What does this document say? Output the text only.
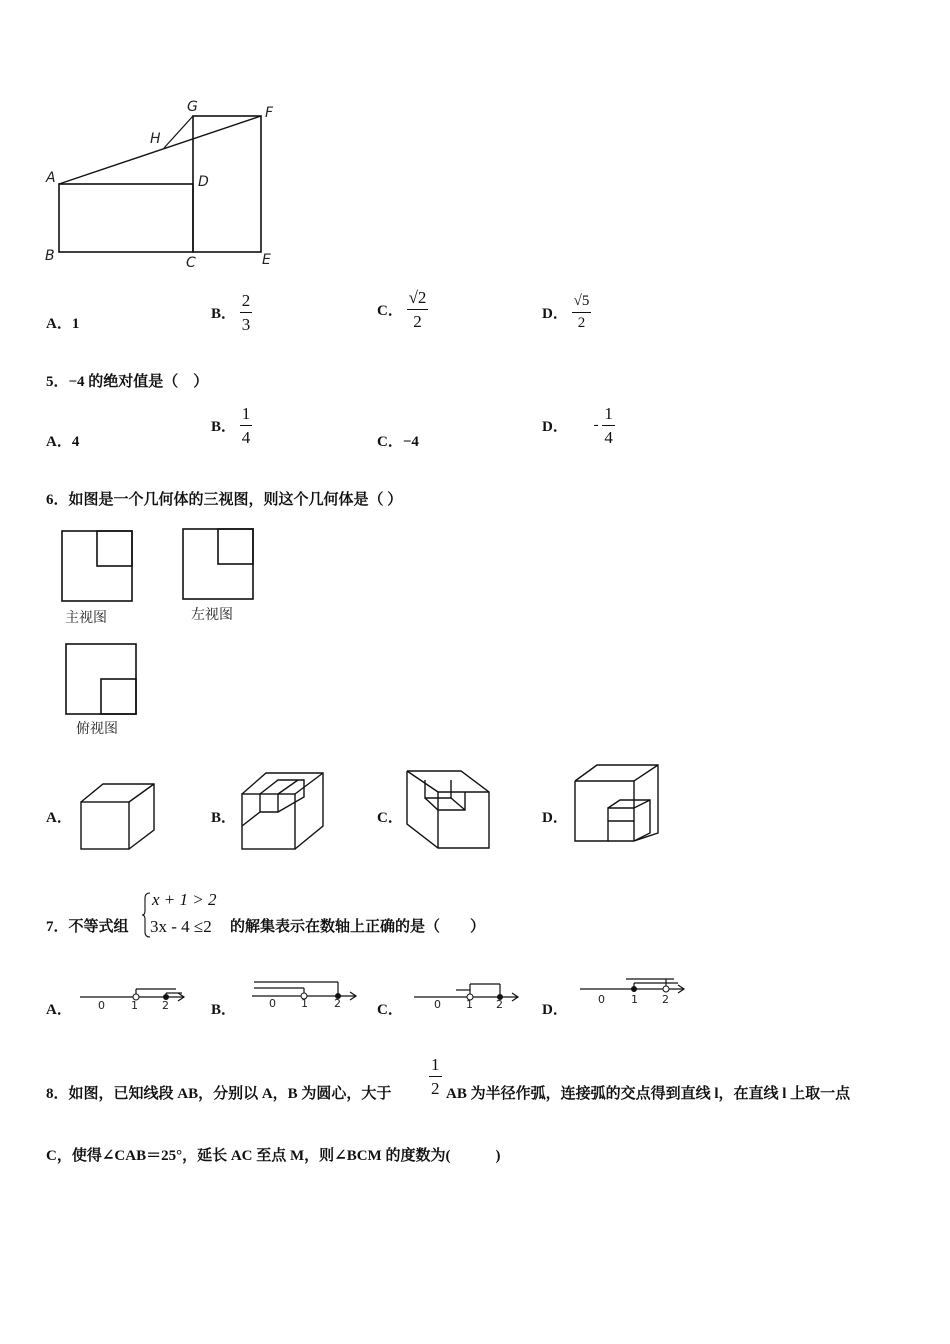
G	F
H
A	D
B	C	E
A．1
B． $\frac{2}{3}$	C． $\frac{√2}{2}$	D． $\frac{√5}{2}$
5．−4 的绝对值是（　）
A．4
B． $\frac{1}{4}$	C．−4
D． - $\frac{1}{4}$
6．如图是一个几何体的三视图，则这个几何体是（ ）
主视图	左视图
俯视图
A．	B．	C．	D．
7．不等式组
x + 1 > 2
3x - 4 ≤2 的解集表示在数轴上正确的是（　　）
A． 0 1 2	B．	0 1 2 C．	0 1 2	D．
0 1 2
8．如图，已知线段 AB，分别以 A，B 为圆心，大于 $\frac{1}{2}$ AB 为半径作弧，连接弧的交点得到直线 l，在直线 l 上取一点
C，使得∠CAB＝25°，延长 AC 至点 M，则∠BCM 的度数为(　　　)
